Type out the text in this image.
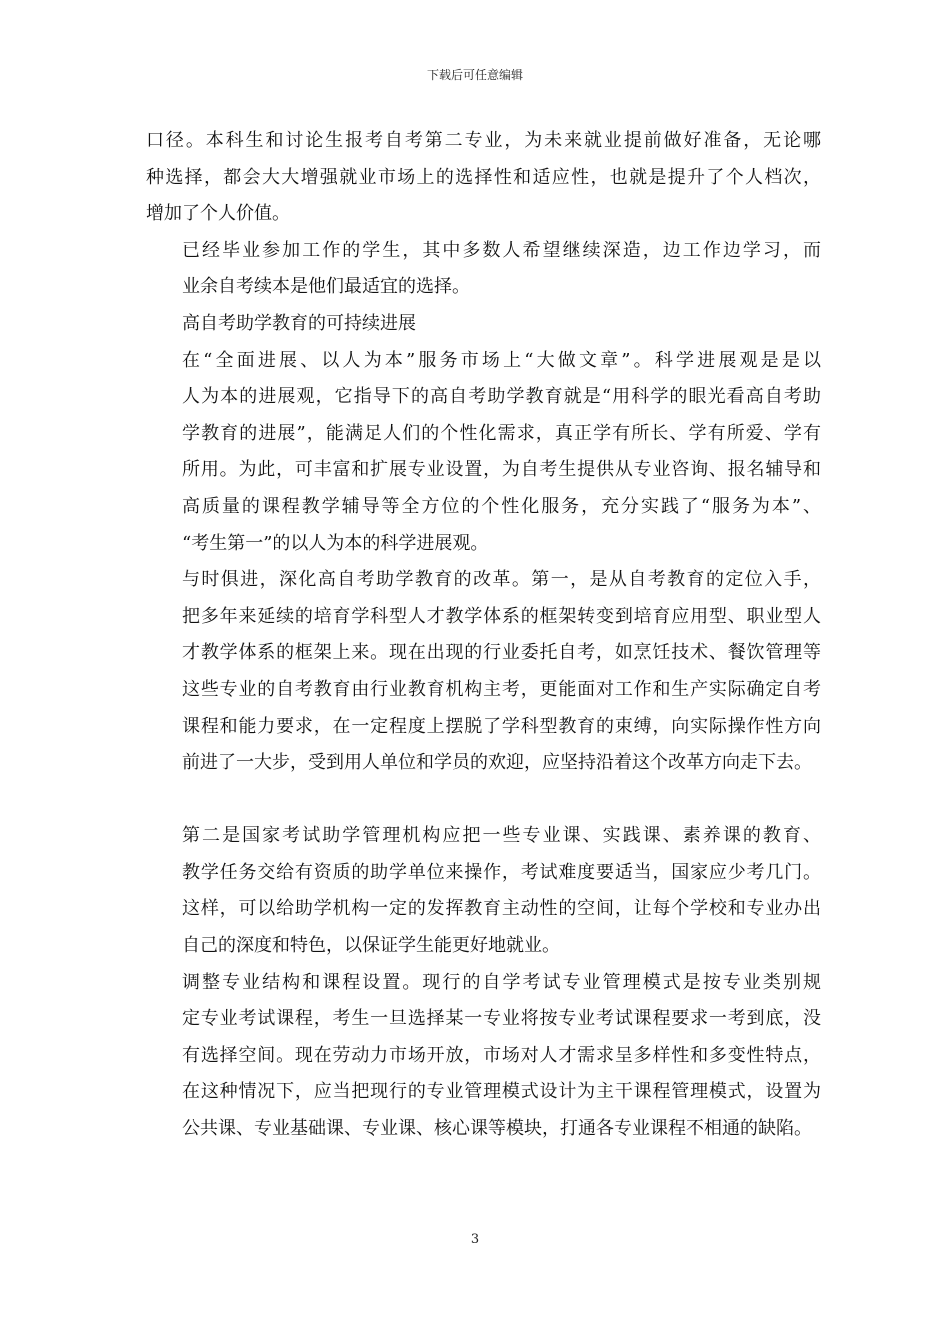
下载后可任意编辑

口径。本科生和讨论生报考自考第二专业，为未来就业提前做好准备，无论哪
种选择，都会大大增强就业市场上的选择性和适应性，也就是提升了个人档次，
增加了个人价值。

已经毕业参加工作的学生，其中多数人希望继续深造，边工作边学习，而
业余自考续本是他们最适宜的选择。

高自考助学教育的可持续进展

在“全面进展、以人为本”服务市场上“大做文章”。科学进展观是是以
人为本的进展观，它指导下的高自考助学教育就是“用科学的眼光看高自考助
学教育的进展”，能满足人们的个性化需求，真正学有所长、学有所爱、学有
所用。为此，可丰富和扩展专业设置，为自考生提供从专业咨询、报名辅导和
高质量的课程教学辅导等全方位的个性化服务，充分实践了“服务为本”、
“考生第一”的以人为本的科学进展观。

与时俱进，深化高自考助学教育的改革。第一，是从自考教育的定位入手，
把多年来延续的培育学科型人才教学体系的框架转变到培育应用型、职业型人
才教学体系的框架上来。现在出现的行业委托自考，如烹饪技术、餐饮管理等
这些专业的自考教育由行业教育机构主考，更能面对工作和生产实际确定自考
课程和能力要求，在一定程度上摆脱了学科型教育的束缚，向实际操作性方向
前进了一大步，受到用人单位和学员的欢迎，应坚持沿着这个改革方向走下去。

第二是国家考试助学管理机构应把一些专业课、实践课、素养课的教育、
教学任务交给有资质的助学单位来操作，考试难度要适当，国家应少考几门。
这样，可以给助学机构一定的发挥教育主动性的空间，让每个学校和专业办出
自己的深度和特色，以保证学生能更好地就业。

调整专业结构和课程设置。现行的自学考试专业管理模式是按专业类别规
定专业考试课程，考生一旦选择某一专业将按专业考试课程要求一考到底，没
有选择空间。现在劳动力市场开放，市场对人才需求呈多样性和多变性特点，
在这种情况下，应当把现行的专业管理模式设计为主干课程管理模式，设置为
公共课、专业基础课、专业课、核心课等模块，打通各专业课程不相通的缺陷。

3
